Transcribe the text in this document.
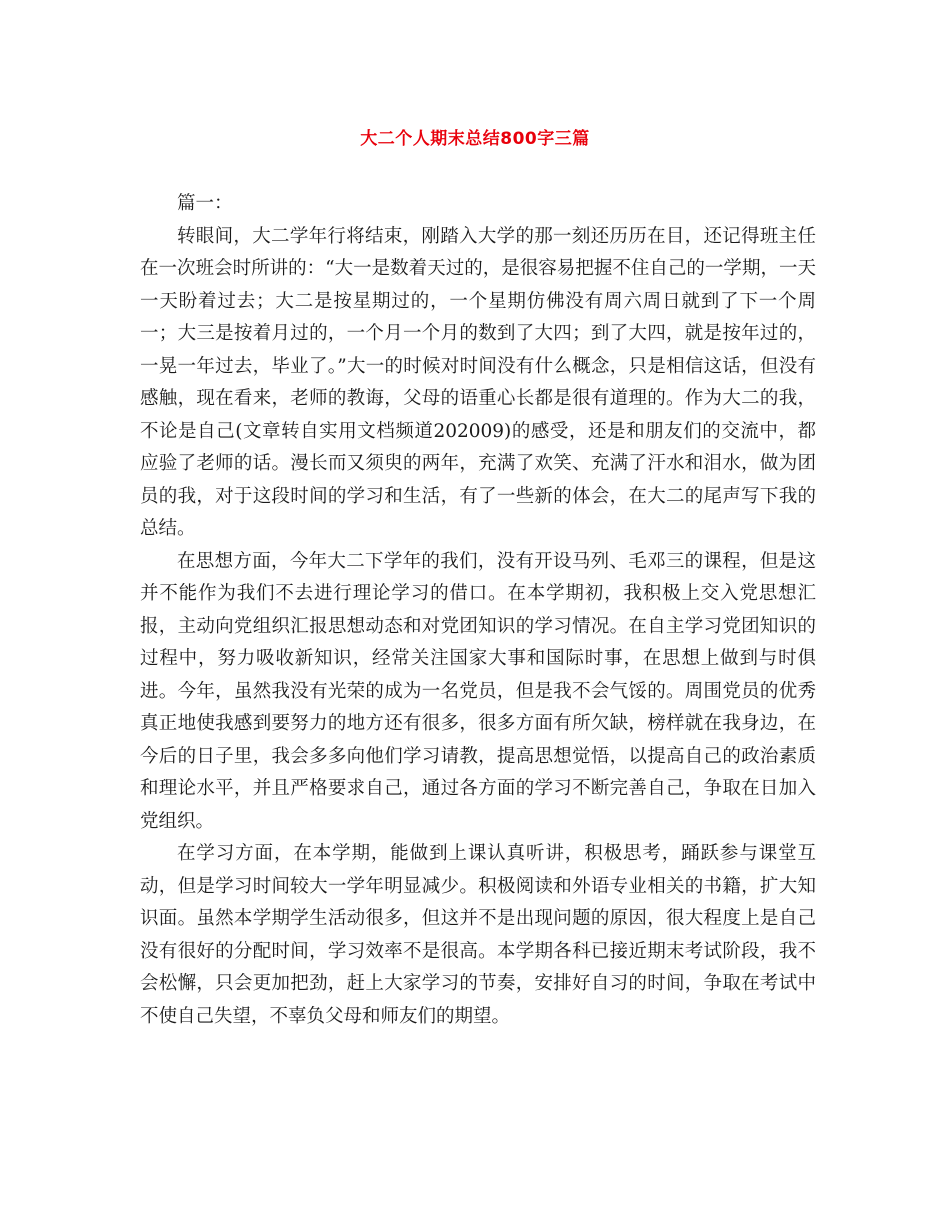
大二个人期末总结800字三篇

篇一：

转眼间，大二学年行将结束，刚踏入大学的那一刻还历历在目，还记得班主任在一次班会时所讲的：“大一是数着天过的，是很容易把握不住自己的一学期，一天一天盼着过去；大二是按星期过的，一个星期仿佛没有周六周日就到了下一个周一；大三是按着月过的，一个月一个月的数到了大四；到了大四，就是按年过的，一晃一年过去，毕业了。”大一的时候对时间没有什么概念，只是相信这话，但没有感触，现在看来，老师的教诲，父母的语重心长都是很有道理的。作为大二的我，不论是自己(文章转自实用文档频道202009)的感受，还是和朋友们的交流中，都应验了老师的话。漫长而又须臾的两年，充满了欢笑、充满了汗水和泪水，做为团员的我，对于这段时间的学习和生活，有了一些新的体会，在大二的尾声写下我的总结。

在思想方面，今年大二下学年的我们，没有开设马列、毛邓三的课程，但是这并不能作为我们不去进行理论学习的借口。在本学期初，我积极上交入党思想汇报，主动向党组织汇报思想动态和对党团知识的学习情况。在自主学习党团知识的过程中，努力吸收新知识，经常关注国家大事和国际时事，在思想上做到与时俱进。今年，虽然我没有光荣的成为一名党员，但是我不会气馁的。周围党员的优秀真正地使我感到要努力的地方还有很多，很多方面有所欠缺，榜样就在我身边，在今后的日子里，我会多多向他们学习请教，提高思想觉悟，以提高自己的政治素质和理论水平，并且严格要求自己，通过各方面的学习不断完善自己，争取在日加入党组织。

在学习方面，在本学期，能做到上课认真听讲，积极思考，踊跃参与课堂互动，但是学习时间较大一学年明显减少。积极阅读和外语专业相关的书籍，扩大知识面。虽然本学期学生活动很多，但这并不是出现问题的原因，很大程度上是自己没有很好的分配时间，学习效率不是很高。本学期各科已接近期末考试阶段，我不会松懈，只会更加把劲，赶上大家学习的节奏，安排好自习的时间，争取在考试中不使自己失望，不辜负父母和师友们的期望。
